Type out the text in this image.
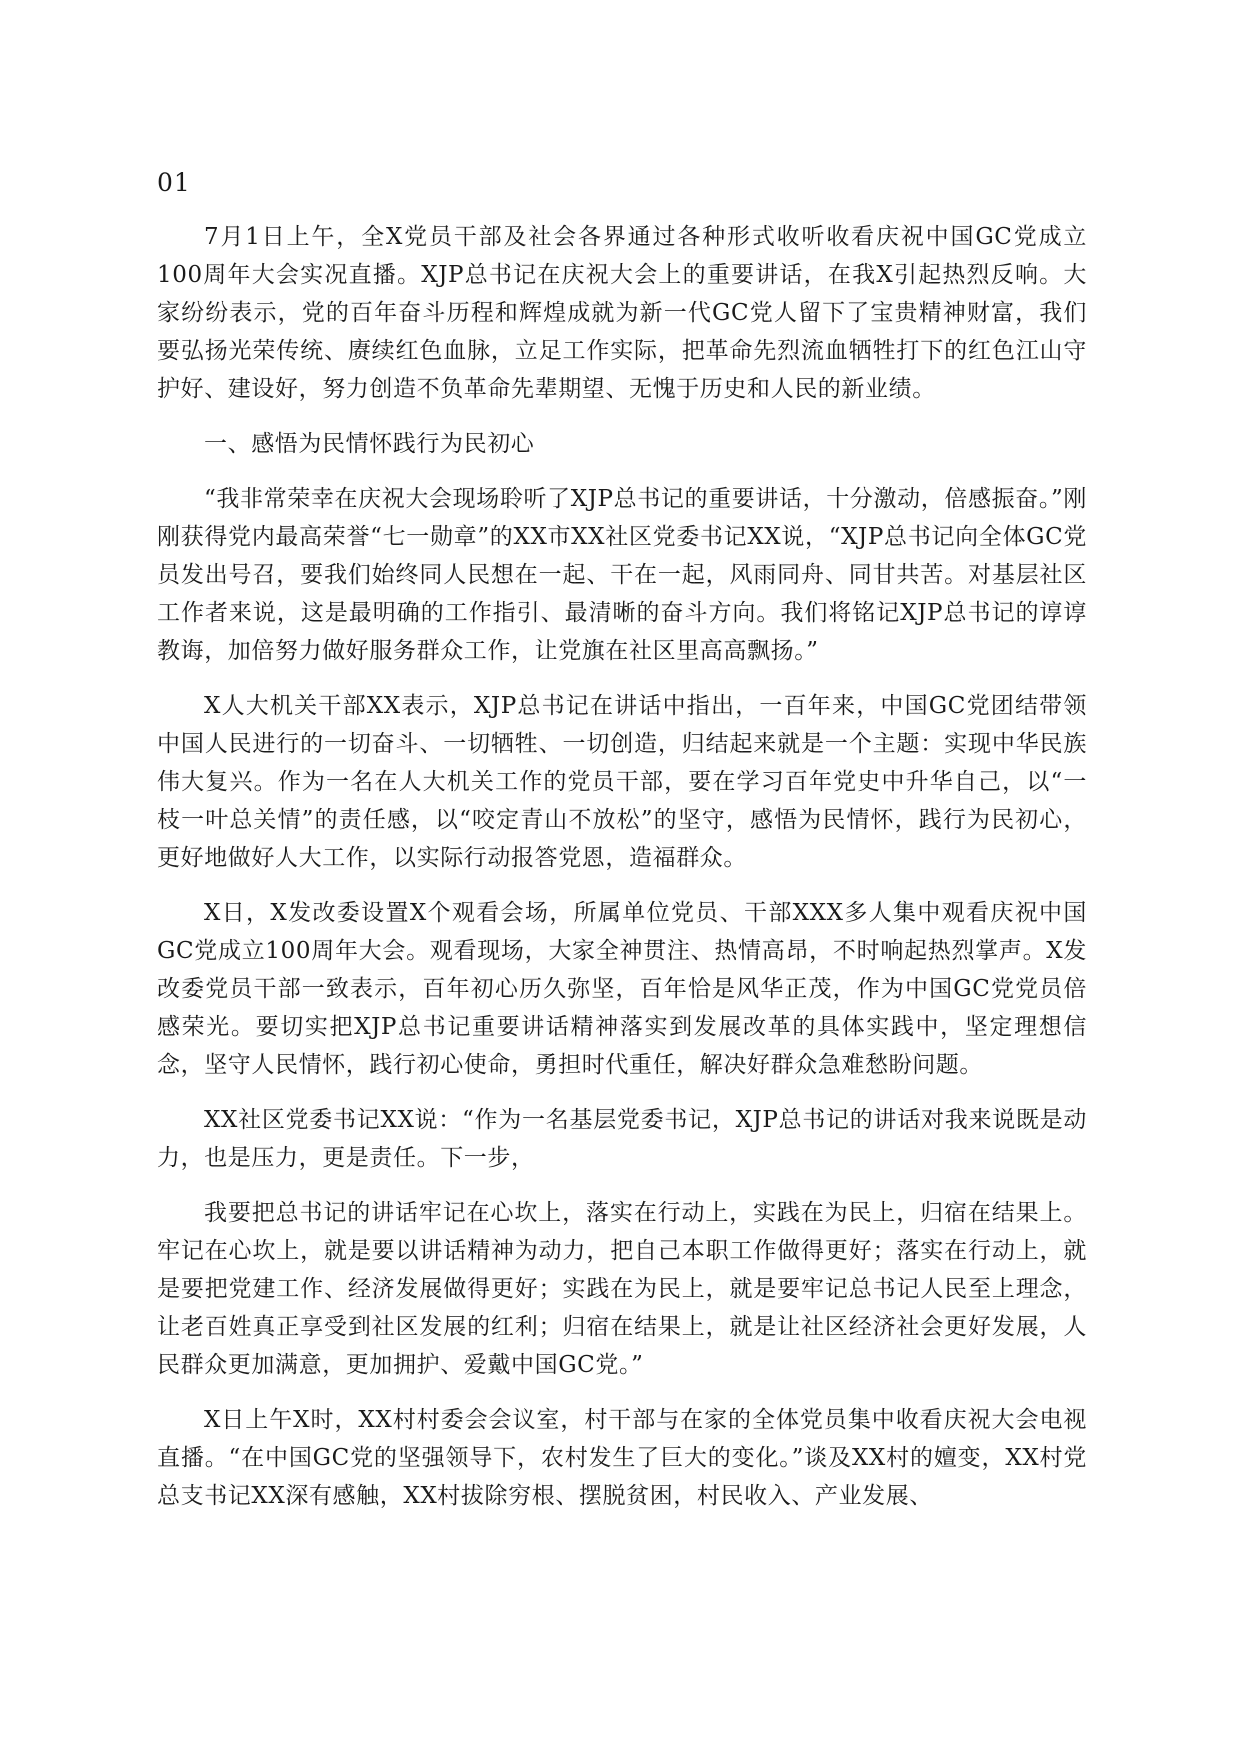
01

7月1日上午，全X党员干部及社会各界通过各种形式收听收看庆祝中国GC党成立100周年大会实况直播。XJP总书记在庆祝大会上的重要讲话，在我X引起热烈反响。大家纷纷表示，党的百年奋斗历程和辉煌成就为新一代GC党人留下了宝贵精神财富，我们要弘扬光荣传统、赓续红色血脉，立足工作实际，把革命先烈流血牺牲打下的红色江山守护好、建设好，努力创造不负革命先辈期望、无愧于历史和人民的新业绩。

一、感悟为民情怀践行为民初心

“我非常荣幸在庆祝大会现场聆听了XJP总书记的重要讲话，十分激动，倍感振奋。”刚刚获得党内最高荣誉“七一勋章”的XX市XX社区党委书记XX说，“XJP总书记向全体GC党员发出号召，要我们始终同人民想在一起、干在一起，风雨同舟、同甘共苦。对基层社区工作者来说，这是最明确的工作指引、最清晰的奋斗方向。我们将铭记XJP总书记的谆谆教诲，加倍努力做好服务群众工作，让党旗在社区里高高飘扬。”

X人大机关干部XX表示，XJP总书记在讲话中指出，一百年来，中国GC党团结带领中国人民进行的一切奋斗、一切牺牲、一切创造，归结起来就是一个主题：实现中华民族伟大复兴。作为一名在人大机关工作的党员干部，要在学习百年党史中升华自己，以“一枝一叶总关情”的责任感，以“咬定青山不放松”的坚守，感悟为民情怀，践行为民初心，更好地做好人大工作，以实际行动报答党恩，造福群众。

X日，X发改委设置X个观看会场，所属单位党员、干部XXX多人集中观看庆祝中国GC党成立100周年大会。观看现场，大家全神贯注、热情高昂，不时响起热烈掌声。X发改委党员干部一致表示，百年初心历久弥坚，百年恰是风华正茂，作为中国GC党党员倍感荣光。要切实把XJP总书记重要讲话精神落实到发展改革的具体实践中，坚定理想信念，坚守人民情怀，践行初心使命，勇担时代重任，解决好群众急难愁盼问题。

XX社区党委书记XX说：“作为一名基层党委书记，XJP总书记的讲话对我来说既是动力，也是压力，更是责任。下一步，

我要把总书记的讲话牢记在心坎上，落实在行动上，实践在为民上，归宿在结果上。牢记在心坎上，就是要以讲话精神为动力，把自己本职工作做得更好；落实在行动上，就是要把党建工作、经济发展做得更好；实践在为民上，就是要牢记总书记人民至上理念，让老百姓真正享受到社区发展的红利；归宿在结果上，就是让社区经济社会更好发展，人民群众更加满意，更加拥护、爱戴中国GC党。”

X日上午X时，XX村村委会会议室，村干部与在家的全体党员集中收看庆祝大会电视直播。“在中国GC党的坚强领导下，农村发生了巨大的变化。”谈及XX村的嬗变，XX村党总支书记XX深有感触，XX村拔除穷根、摆脱贫困，村民收入、产业发展、
